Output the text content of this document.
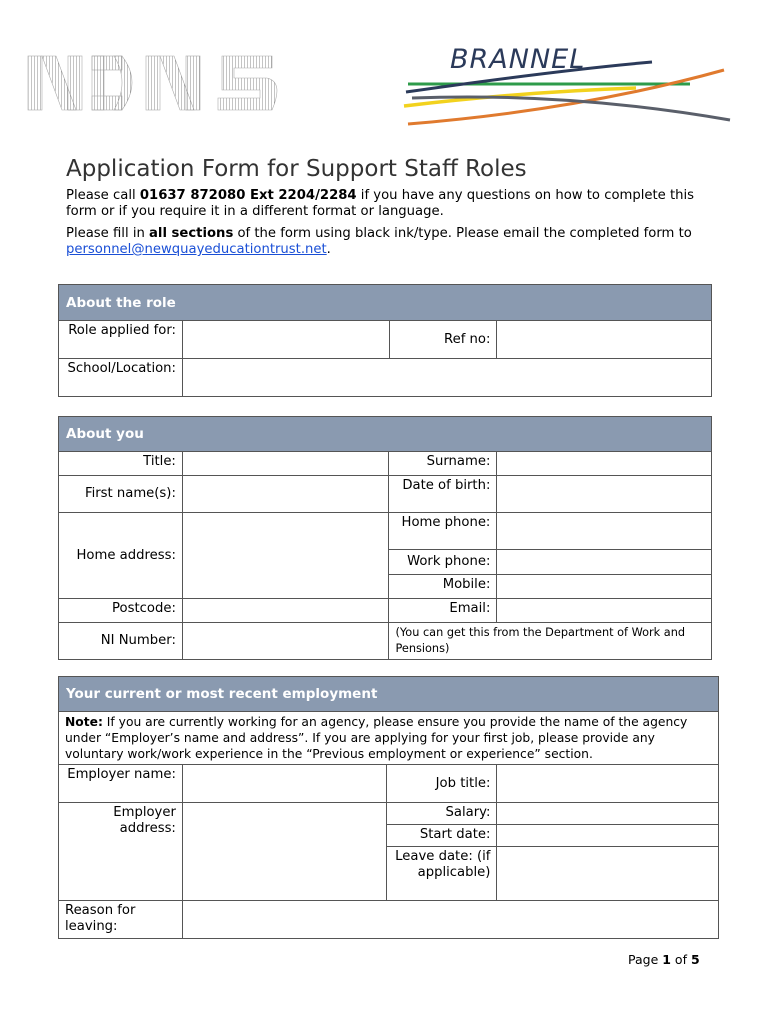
BRANNEL
Application Form for Support Staff Roles

Please call 01637 872080 Ext 2204/2284 if you have any questions on how to complete this form or if you require it in a different format or language.

Please fill in all sections of the form using black ink/type. Please email the completed form to personnel@newquayeducationtrust.net.

About the role			
Role applied for:		Ref no:	
School/Location:			
About you			
Title:		Surname:	
First name(s):		Date of birth:	
Home address:		Home phone:	
		Work phone:	
		Mobile:	
Postcode:		Email:	
NI Number:		(You can get this from the Department of Work and Pensions)	
Your current or most recent employment			
Note: If you are currently working for an agency, please ensure you provide the name of the agency under “Employer’s name and address”. If you are applying for your first job, please provide any voluntary work/work experience in the “Previous employment or experience” section.			
Employer name:		Job title:	
Employer address:		Salary:	
		Start date:	
		Leave date: (if applicable)	
Reason for leaving:			
Page 1 of 5
